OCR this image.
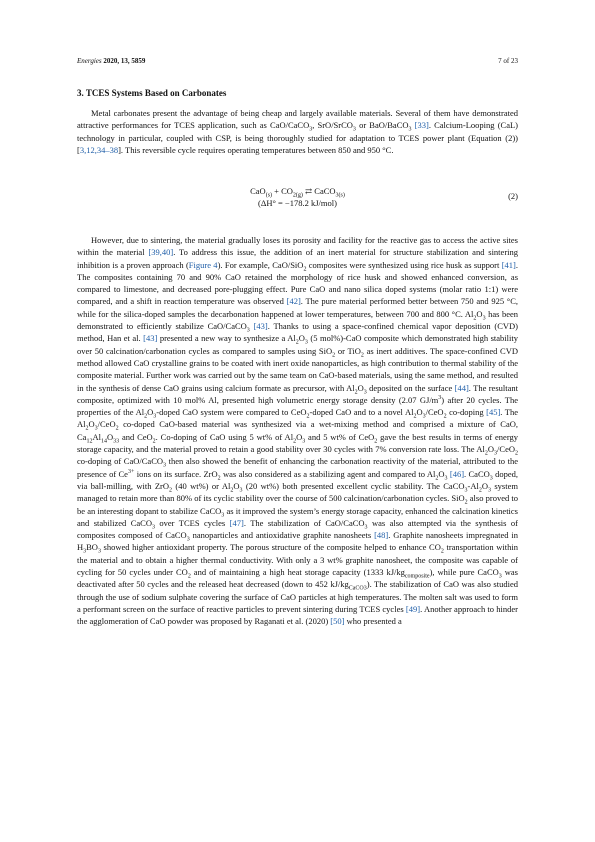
Energies 2020, 13, 5859	7 of 23
3. TCES Systems Based on Carbonates

Metal carbonates present the advantage of being cheap and largely available materials. Several of them have demonstrated attractive performances for TCES application, such as CaO/CaCO$_3$, SrO/SrCO$_3$ or BaO/BaCO$_3$ [33]. Calcium-Looping (CaL) technology in particular, coupled with CSP, is being thoroughly studied for adaptation to TCES power plant (Equation (2)) [3,12,34–38]. This reversible cycle requires operating temperatures between 850 and 950 °C.

$CaO_{(s)} + CO_{2(g)}$ ⇄ CaCO$_{3(s)}$
(ΔH° = −178.2 kJ/mol)
(2)

However, due to sintering, the material gradually loses its porosity and facility for the reactive gas to access the active sites within the material [39,40]. To address this issue, the addition of an inert material for structure stabilization and sintering inhibition is a proven approach (Figure 4). For example, CaO/SiO$_2$ composites were synthesized using rice husk as support [41]. The composites containing 70 and 90% CaO retained the morphology of rice husk and showed enhanced conversion, as compared to limestone, and decreased pore-plugging effect. Pure CaO and nano silica doped systems (molar ratio 1:1) were compared, and a shift in reaction temperature was observed [42]. The pure material performed better between 750 and 925 °C, while for the silica-doped samples the decarbonation happened at lower temperatures, between 700 and 800 °C. $Al_2O_3$ has been demonstrated to efficiently stabilize CaO/CaCO$_3$ [43]. Thanks to using a space-confined chemical vapor deposition (CVD) method, Han et al. [43] presented a new way to synthesize a $Al_2O_3$ (5 mol%)-CaO composite which demonstrated high stability over 50 calcination/carbonation cycles as compared to samples using SiO$_2$ or TiO$_2$ as inert additives. The space-confined CVD method allowed CaO crystalline grains to be coated with inert oxide nanoparticles, as high contribution to thermal stability of the composite material. Further work was carried out by the same team on CaO-based materials, using the same method, and resulted in the synthesis of dense CaO grains using calcium formate as precursor, with $Al_2O_3$ deposited on the surface [44]. The resultant composite, optimized with 10 mol% Al, presented high volumetric energy storage density (2.07 $GJ/m^3$) after 20 cycles. The properties of the $Al_2O_3$-doped CaO system were compared to CeO$_2$-doped CaO and to a novel $Al_2O_3/CeO_2$ co-doping [45]. The $Al_2O_3/CeO_2$ co-doped CaO-based material was synthesized via a wet-mixing method and comprised a mixture of CaO, $Ca_{12}Al_{14}O_{33}$ and CeO$_2$. Co-doping of CaO using 5 wt% of $Al_2O_3$ and 5 wt% of CeO$_2$ gave the best results in terms of energy storage capacity, and the material proved to retain a good stability over 30 cycles with 7% conversion rate loss. The $Al_2O_3/CeO_2$ co-doping of CaO/CaCO$_3$ then also showed the benefit of enhancing the carbonation reactivity of the material, attributed to the presence of $Ce^{3+}$ ions on its surface. ZrO$_2$ was also considered as a stabilizing agent and compared to $Al_2O_3$ [46]. CaCO$_3$ doped, via ball-milling, with ZrO$_2$ (40 wt%) or $Al_2O_3$ (20 wt%) both presented excellent cyclic stability. The $CaCO_3-Al_2O_3$ system managed to retain more than 80% of its cyclic stability over the course of 500 calcination/carbonation cycles. SiO$_2$ also proved to be an interesting dopant to stabilize CaCO$_3$ as it improved the system’s energy storage capacity, enhanced the calcination kinetics and stabilized CaCO$_3$ over TCES cycles [47]. The stabilization of CaO/CaCO$_3$ was also attempted via the synthesis of composites composed of CaCO$_3$ nanoparticles and antioxidative graphite nanosheets [48]. Graphite nanosheets impregnated in $H_3BO_3$ showed higher antioxidant property. The porous structure of the composite helped to enhance $CO_2$ transportation within the material and to obtain a higher thermal conductivity. With only a 3 wt% graphite nanosheet, the composite was capable of cycling for 50 cycles under $CO_2$ and of maintaining a high heat storage capacity (1333 $kJ/kg_{composite}$), while pure CaCO$_3$ was deactivated after 50 cycles and the released heat decreased (down to 452 $kJ/kg_{CaCO3}$). The stabilization of CaO was also studied through the use of sodium sulphate covering the surface of CaO particles at high temperatures. The molten salt was used to form a performant screen on the surface of reactive particles to prevent sintering during TCES cycles [49]. Another approach to hinder the agglomeration of CaO powder was proposed by Raganati et al. (2020) [50] who presented a
